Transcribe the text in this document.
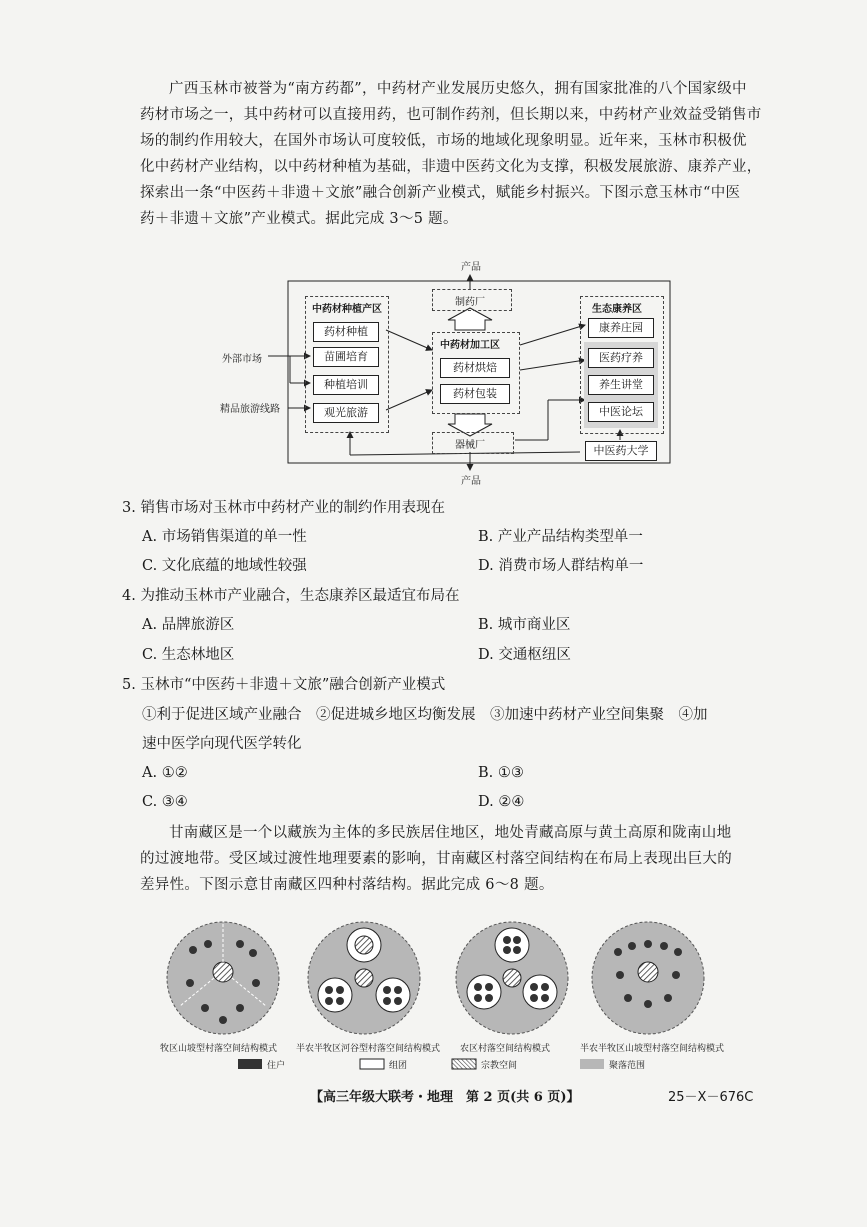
广西玉林市被誉为“南方药都”，中药材产业发展历史悠久，拥有国家批准的八个国家级中

药材市场之一，其中药材可以直接用药，也可制作药剂，但长期以来，中药材产业效益受销售市
场的制约作用较大，在国外市场认可度较低，市场的地域化现象明显。近年来，玉林市积极优
化中药材产业结构，以中药材种植为基础，非遗中医药文化为支撑，积极发展旅游、康养产业，
探索出一条“中医药＋非遗＋文旅”融合创新产业模式，赋能乡村振兴。下图示意玉林市“中医
药＋非遗＋文旅”产业模式。据此完成 3～5 题。
产品
制药厂
中药材种植产区
药材种植
苗圃培育
种植培训
观光旅游
外部市场
精品旅游线路
中药材加工区
药材烘焙
药材包装
器械厂
产品
生态康养区
康养庄园
医药疗养
养生讲堂
中医论坛
中医药大学
3. 销售市场对玉林市中药材产业的制约作用表现在
A. 市场销售渠道的单一性	B. 产业产品结构类型单一
C. 文化底蕴的地域性较强	D. 消费市场人群结构单一
4. 为推动玉林市产业融合，生态康养区最适宜布局在
A. 品牌旅游区	B. 城市商业区
C. 生态林地区	D. 交通枢纽区
5. 玉林市“中医药＋非遗＋文旅”融合创新产业模式
①利于促进区域产业融合　②促进城乡地区均衡发展　③加速中药材产业空间集聚　④加
速中医学向现代医学转化
A. ①②	B. ①③
C. ③④	D. ②④

甘南藏区是一个以藏族为主体的多民族居住地区，地处青藏高原与黄土高原和陇南山地

的过渡地带。受区域过渡性地理要素的影响，甘南藏区村落空间结构在布局上表现出巨大的
差异性。下图示意甘南藏区四种村落结构。据此完成 6～8 题。
牧区山坡型村落空间结构模式 半农半牧区河谷型村落空间结构模式 农区村落空间结构模式	半农半牧区山坡型村落空间结构模式
住户	组团	宗教空间	聚落范围
【高三年级大联考・地理　第 2 页(共 6 页)】	25－X－676C
